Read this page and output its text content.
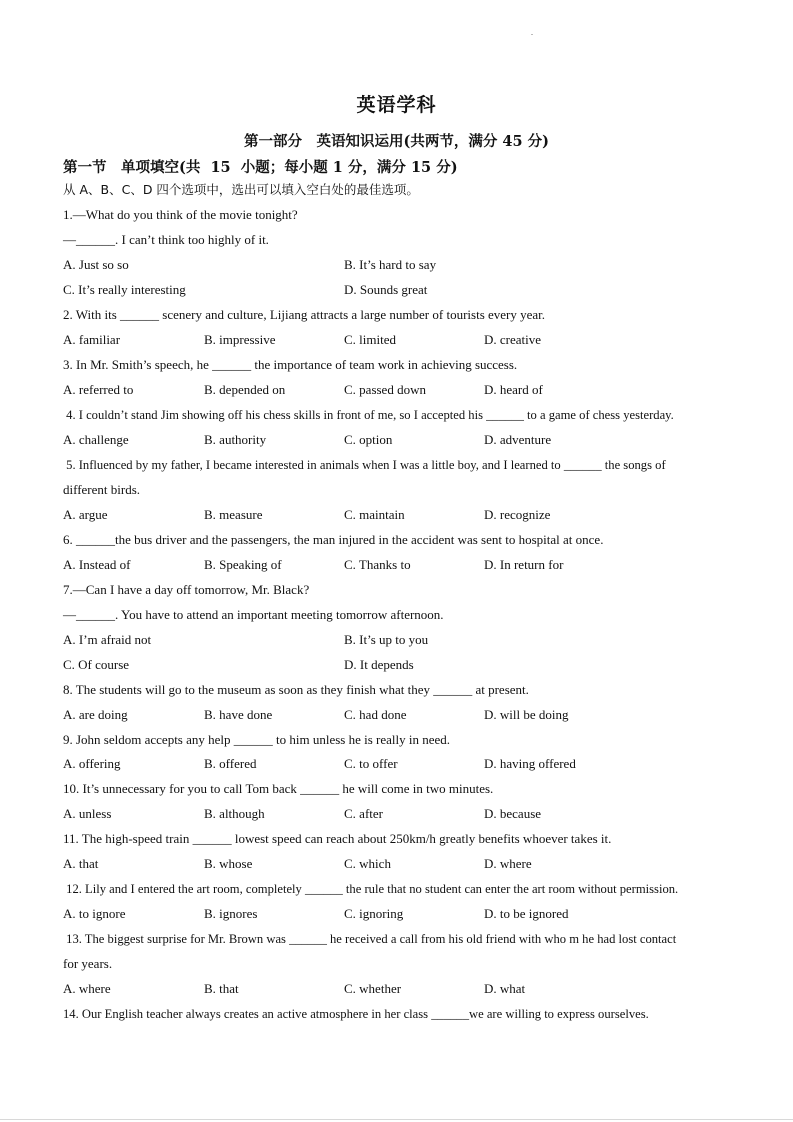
英语学科
第一部分　英语知识运用(共两节，满分 45 分)
第一节　单项填空(共  15  小题；每小题 1 分，满分 15 分)
从 A、B、C、D 四个选项中，选出可以填入空白处的最佳选项。
1.—What do you think of the movie tonight?
—______. I can’t think too highly of it.
A. Just so so	B. It’s hard to say
C. It’s really interesting	D. Sounds great
2. With its ______ scenery and culture, Lijiang attracts a large number of tourists every year.
A. familiar	B. impressive	C. limited	D. creative
3. In Mr. Smith’s speech, he ______ the importance of team work in achieving success.
A. referred to	B. depended on	C. passed down	D. heard of
4. I couldn’t stand Jim showing off his chess skills in front of me, so I accepted his ______ to a game of chess yesterday.
A. challenge	B. authority	C. option	D. adventure
5. Influenced by my father, I became interested in animals when I was a little boy, and I learned to ______ the songs of
different birds.
A. argue	B. measure	C. maintain	D. recognize
6. ______the bus driver and the passengers, the man injured in the accident was sent to hospital at once.
A. Instead of	B. Speaking of	C. Thanks to	D. In return for
7.—Can I have a day off tomorrow, Mr. Black?
—______. You have to attend an important meeting tomorrow afternoon.
A. I’m afraid not	B. It’s up to you
C. Of course	D. It depends
8. The students will go to the museum as soon as they finish what they ______ at present.
A. are doing	B. have done	C. had done	D. will be doing
9. John seldom accepts any help ______ to him unless he is really in need.
A. offering	B. offered	C. to offer	D. having offered
10. It’s unnecessary for you to call Tom back ______ he will come in two minutes.
A. unless	B. although	C. after	D. because
11. The high-speed train ______ lowest speed can reach about 250km/h greatly benefits whoever takes it.
A. that	B. whose	C. which	D. where
12. Lily and I entered the art room, completely ______ the rule that no student can enter the art room without permission.
A. to ignore	B. ignores	C. ignoring	D. to be ignored
13. The biggest surprise for Mr. Brown was ______ he received a call from his old friend with who m he had lost contact
for years.
A. where	B. that	C. whether	D. what
14. Our English teacher always creates an active atmosphere in her class ______we are willing to express ourselves.
